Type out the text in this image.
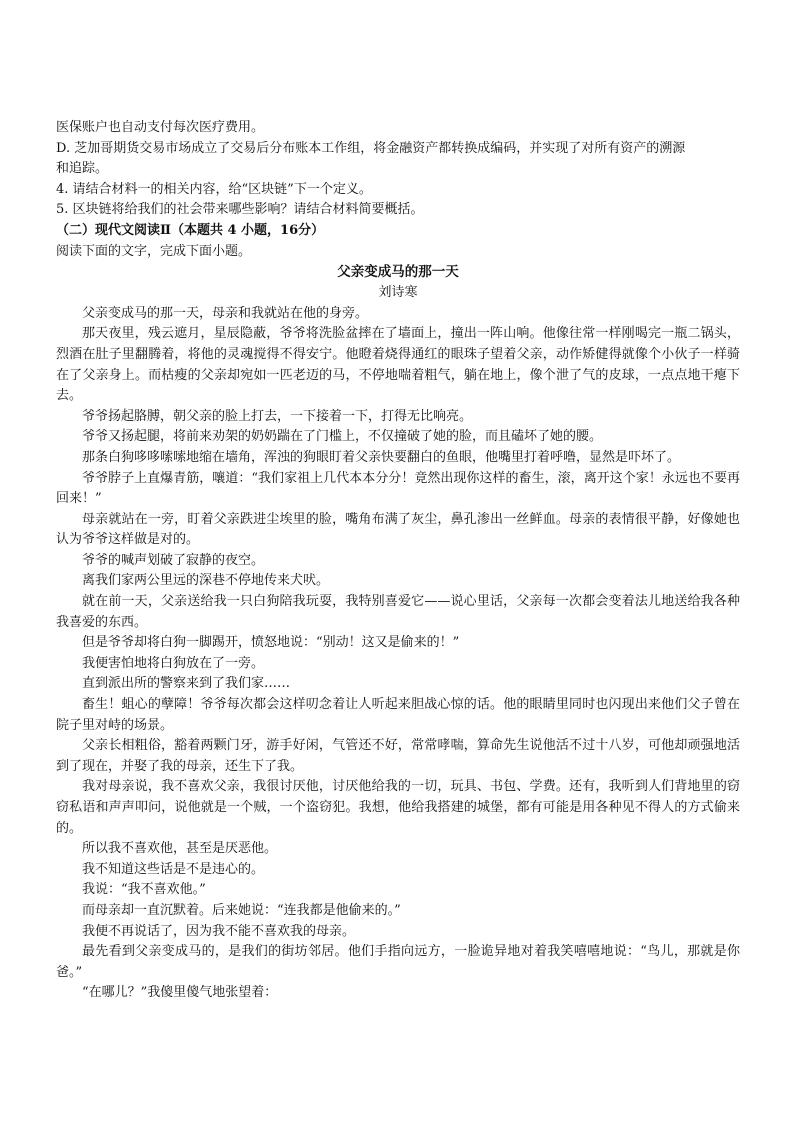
医保账户也自动支付每次医疗费用。

D. 芝加哥期货交易市场成立了交易后分布账本工作组，将金融资产都转换成编码，并实现了对所有资产的溯源

和追踪。

4. 请结合材料一的相关内容，给“区块链”下一个定义。

5. 区块链将给我们的社会带来哪些影响？请结合材料简要概括。

（二）现代文阅读Ⅱ（本题共 4 小题，16分）

阅读下面的文字，完成下面小题。

父亲变成马的那一天

刘诗寒

父亲变成马的那一天，母亲和我就站在他的身旁。

那天夜里，残云遮月，星辰隐蔽，爷爷将洗脸盆摔在了墙面上，撞出一阵山响。他像往常一样刚喝完一瓶二锅头，烈酒在肚子里翻腾着，将他的灵魂搅得不得安宁。他瞪着烧得通红的眼珠子望着父亲，动作矫健得就像个小伙子一样骑在了父亲身上。而枯瘦的父亲却宛如一匹老迈的马，不停地喘着粗气，躺在地上，像个泄了气的皮球，一点点地干瘪下去。

爷爷扬起胳膊，朝父亲的脸上打去，一下接着一下，打得无比响亮。

爷爷又扬起腿，将前来劝架的奶奶踹在了门槛上，不仅撞破了她的脸，而且磕坏了她的腰。

那条白狗哆哆嗦嗦地缩在墙角，浑浊的狗眼盯着父亲快要翻白的鱼眼，他嘴里打着呼噜，显然是吓坏了。

爷爷脖子上直爆青筋，嚷道：“我们家祖上几代本本分分！竟然出现你这样的畜生，滚，离开这个家！永远也不要再回来！”

母亲就站在一旁，盯着父亲跌进尘埃里的脸，嘴角布满了灰尘，鼻孔渗出一丝鲜血。母亲的表情很平静，好像她也认为爷爷这样做是对的。

爷爷的喊声划破了寂静的夜空。

离我们家两公里远的深巷不停地传来犬吠。

就在前一天，父亲送给我一只白狗陪我玩耍，我特别喜爱它——说心里话，父亲每一次都会变着法儿地送给我各种我喜爱的东西。

但是爷爷却将白狗一脚踢开，愤怒地说：“别动！这又是偷来的！”

我便害怕地将白狗放在了一旁。

直到派出所的警察来到了我们家……

畜生！蛆心的孽障！爷爷每次都会这样叨念着让人听起来胆战心惊的话。他的眼睛里同时也闪现出来他们父子曾在院子里对峙的场景。

父亲长相粗俗，豁着两颗门牙，游手好闲，气管还不好，常常哮喘，算命先生说他活不过十八岁，可他却顽强地活到了现在，并娶了我的母亲，还生下了我。

我对母亲说，我不喜欢父亲，我很讨厌他，讨厌他给我的一切，玩具、书包、学费。还有，我听到人们背地里的窃窃私语和声声叩问，说他就是一个贼，一个盗窃犯。我想，他给我搭建的城堡，都有可能是用各种见不得人的方式偷来的。

所以我不喜欢他，甚至是厌恶他。

我不知道这些话是不是违心的。

我说：“我不喜欢他。”

而母亲却一直沉默着。后来她说：“连我都是他偷来的。”

我便不再说话了，因为我不能不喜欢我的母亲。

最先看到父亲变成马的，是我们的街坊邻居。他们手指向远方，一脸诡异地对着我笑嘻嘻地说：“鸟儿，那就是你爸。”

“在哪儿？”我傻里傻气地张望着：
